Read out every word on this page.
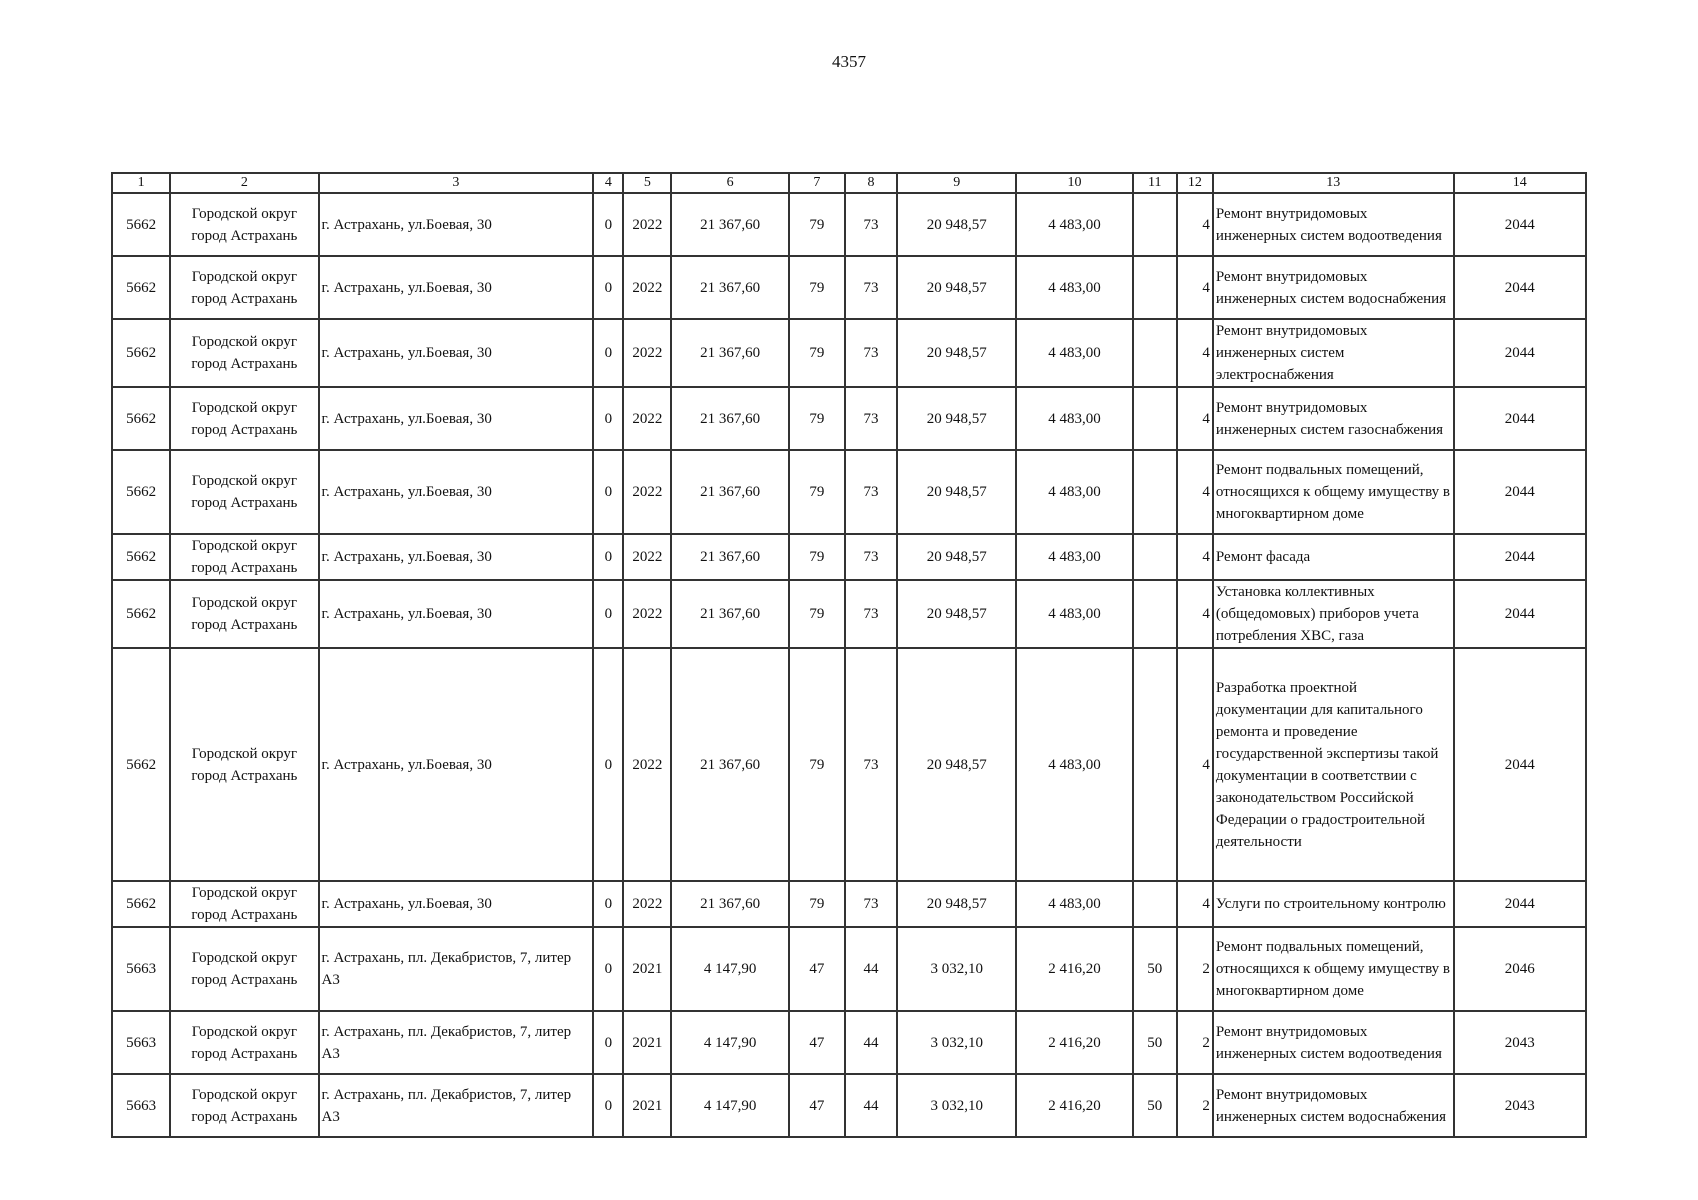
4357
1	2	3	4	5	6	7	8	9	10	11	12	13	14
5662	Городской округ город Астрахань	г. Астрахань, ул.Боевая, 30	0	2022	21 367,60	79	73	20 948,57	4 483,00		4	Ремонт внутридомовых инженерных систем водоотведения	2044
5662	Городской округ город Астрахань	г. Астрахань, ул.Боевая, 30	0	2022	21 367,60	79	73	20 948,57	4 483,00		4	Ремонт внутридомовых инженерных систем водоснабжения	2044
5662	Городской округ город Астрахань	г. Астрахань, ул.Боевая, 30	0	2022	21 367,60	79	73	20 948,57	4 483,00		4	Ремонт внутридомовых инженерных систем электроснабжения	2044
5662	Городской округ город Астрахань	г. Астрахань, ул.Боевая, 30	0	2022	21 367,60	79	73	20 948,57	4 483,00		4	Ремонт внутридомовых инженерных систем газоснабжения	2044
5662	Городской округ город Астрахань	г. Астрахань, ул.Боевая, 30	0	2022	21 367,60	79	73	20 948,57	4 483,00		4	Ремонт подвальных помещений, относящихся к общему имуществу в многоквартирном доме	2044
5662	Городской округ город Астрахань	г. Астрахань, ул.Боевая, 30	0	2022	21 367,60	79	73	20 948,57	4 483,00		4	Ремонт фасада	2044
5662	Городской округ город Астрахань	г. Астрахань, ул.Боевая, 30	0	2022	21 367,60	79	73	20 948,57	4 483,00		4	Установка коллективных (общедомовых) приборов учета потребления ХВС, газа	2044
5662	Городской округ город Астрахань	г. Астрахань, ул.Боевая, 30	0	2022	21 367,60	79	73	20 948,57	4 483,00		4	Разработка проектной документации для капитального ремонта и проведение государственной экспертизы такой документации в соответствии с законодательством Российской Федерации о градостроительной деятельности	2044
5662	Городской округ город Астрахань	г. Астрахань, ул.Боевая, 30	0	2022	21 367,60	79	73	20 948,57	4 483,00		4	Услуги по строительному контролю	2044
5663	Городской округ город Астрахань	г. Астрахань, пл. Декабристов, 7, литер А3	0	2021	4 147,90	47	44	3 032,10	2 416,20	50	2	Ремонт подвальных помещений, относящихся к общему имуществу в многоквартирном доме	2046
5663	Городской округ город Астрахань	г. Астрахань, пл. Декабристов, 7, литер А3	0	2021	4 147,90	47	44	3 032,10	2 416,20	50	2	Ремонт внутридомовых инженерных систем водоотведения	2043
5663	Городской округ город Астрахань	г. Астрахань, пл. Декабристов, 7, литер А3	0	2021	4 147,90	47	44	3 032,10	2 416,20	50	2	Ремонт внутридомовых инженерных систем водоснабжения	2043
